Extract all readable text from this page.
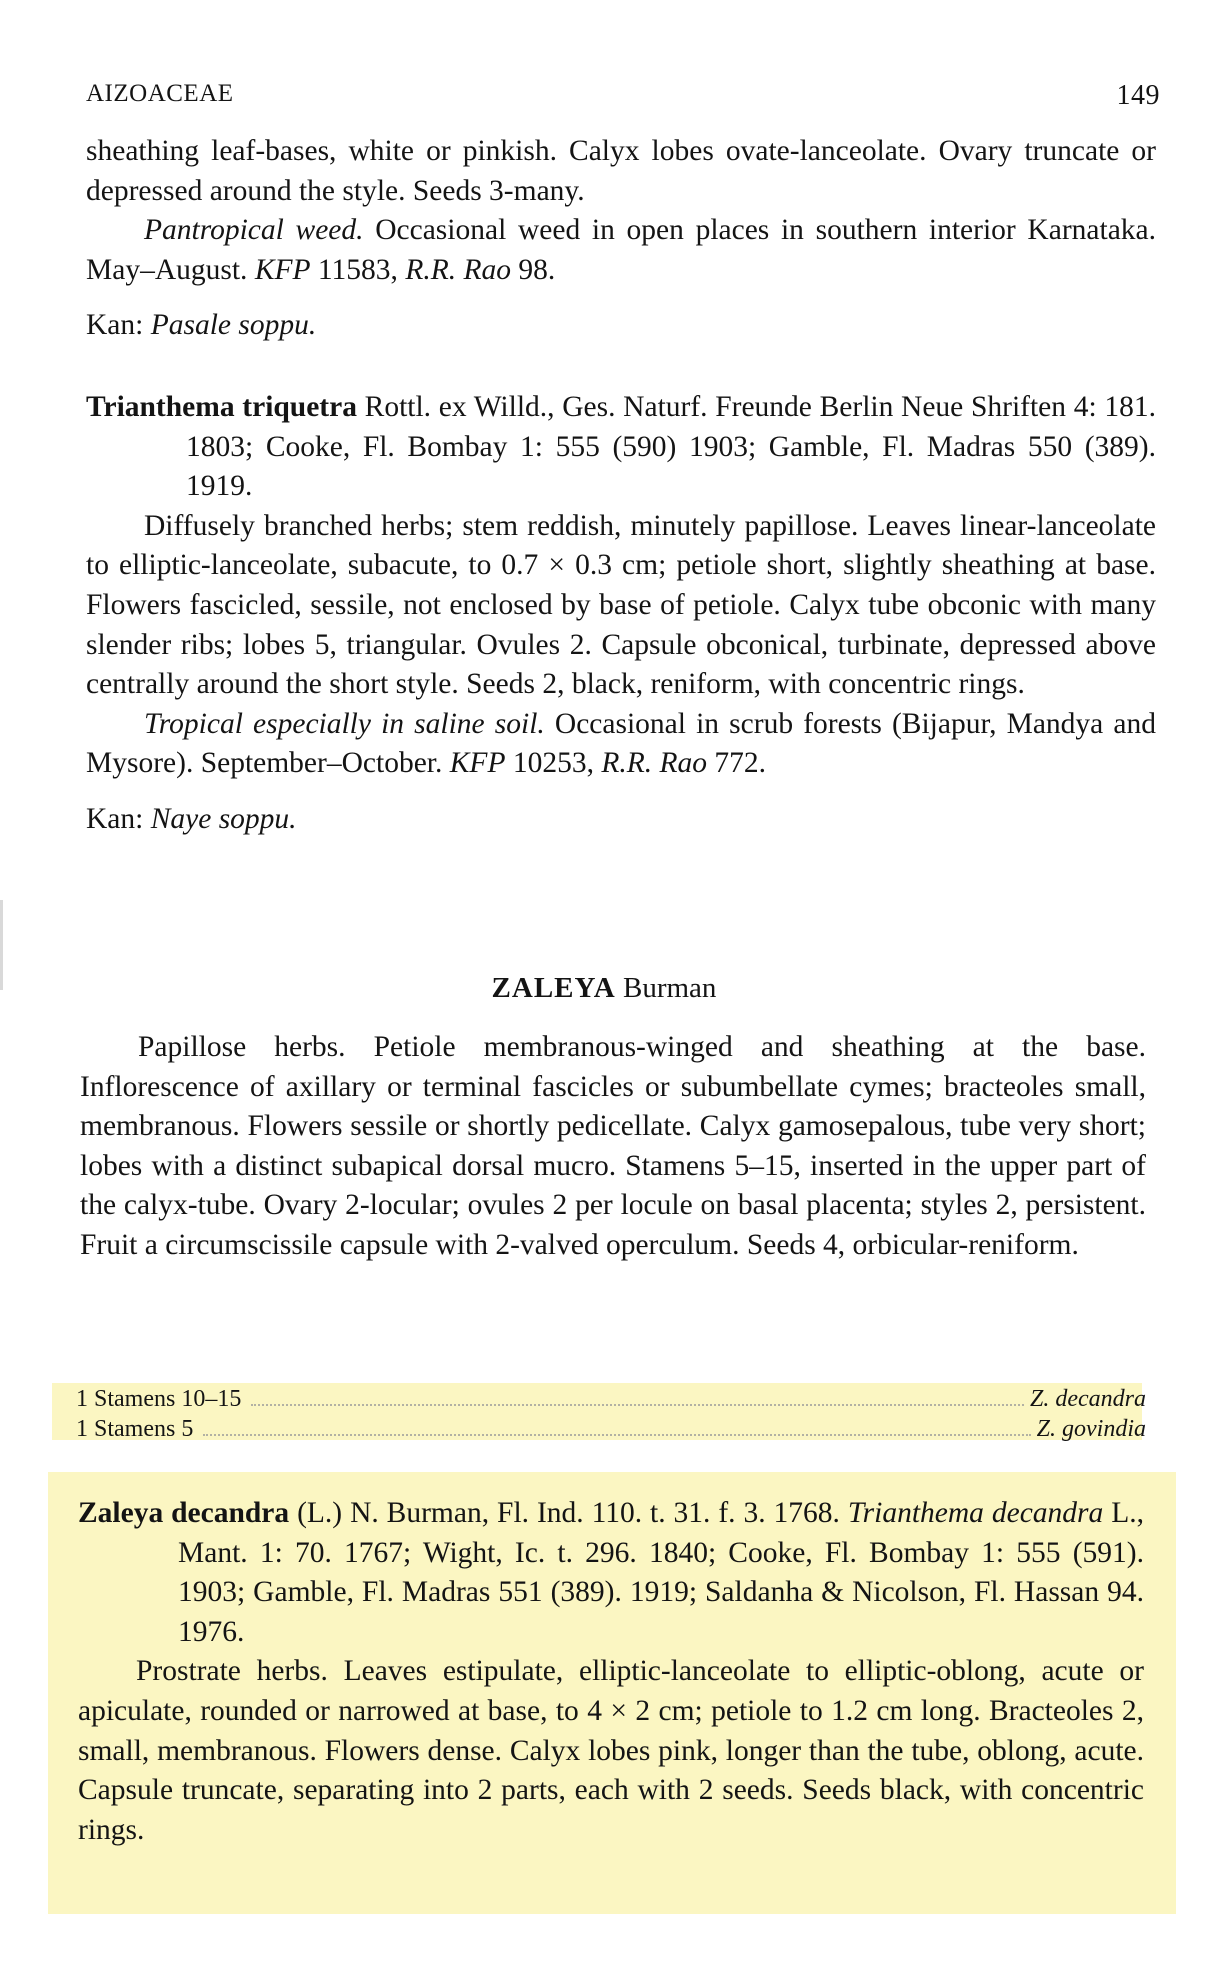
AIZOACEAE	149

sheathing leaf-bases, white or pinkish. Calyx lobes ovate-lanceolate. Ovary truncate or depressed around the style. Seeds 3-many.

Pantropical weed. Occasional weed in open places in southern interior Karnataka. May–August. KFP 11583, R.R. Rao 98.

Kan: Pasale soppu.

Trianthema triquetra Rottl. ex Willd., Ges. Naturf. Freunde Berlin Neue Shriften 4: 181. 1803; Cooke, Fl. Bombay 1: 555 (590) 1903; Gamble, Fl. Madras 550 (389). 1919.

Diffusely branched herbs; stem reddish, minutely papillose. Leaves linear-lanceolate to elliptic-lanceolate, subacute, to 0.7 × 0.3 cm; petiole short, slightly sheathing at base. Flowers fascicled, sessile, not enclosed by base of petiole. Calyx tube obconic with many slender ribs; lobes 5, triangular. Ovules 2. Capsule obconical, turbinate, depressed above centrally around the short style. Seeds 2, black, reniform, with concentric rings.

Tropical especially in saline soil. Occasional in scrub forests (Bijapur, Mandya and Mysore). September–October. KFP 10253, R.R. Rao 772.

Kan: Naye soppu.

ZALEYA Burman

Papillose herbs. Petiole membranous-winged and sheathing at the base. Inflorescence of axillary or terminal fascicles or subumbellate cymes; bracteoles small, membranous. Flowers sessile or shortly pedicellate. Calyx gamosepalous, tube very short; lobes with a distinct subapical dorsal mucro. Stamens 5–15, inserted in the upper part of the calyx-tube. Ovary 2-locular; ovules 2 per locule on basal placenta; styles 2, persistent. Fruit a circumscissile capsule with 2-valved operculum. Seeds 4, orbicular-reniform.

1 Stamens 10–15	Z. decandra
1 Stamens 5	Z. govindia

Zaleya decandra (L.) N. Burman, Fl. Ind. 110. t. 31. f. 3. 1768. Trianthema decandra L., Mant. 1: 70. 1767; Wight, Ic. t. 296. 1840; Cooke, Fl. Bombay 1: 555 (591). 1903; Gamble, Fl. Madras 551 (389). 1919; Saldanha & Nicolson, Fl. Hassan 94. 1976.

Prostrate herbs. Leaves estipulate, elliptic-lanceolate to elliptic-oblong, acute or apiculate, rounded or narrowed at base, to 4 × 2 cm; petiole to 1.2 cm long. Bracteoles 2, small, membranous. Flowers dense. Calyx lobes pink, longer than the tube, oblong, acute. Capsule truncate, separating into 2 parts, each with 2 seeds. Seeds black, with concentric rings.
